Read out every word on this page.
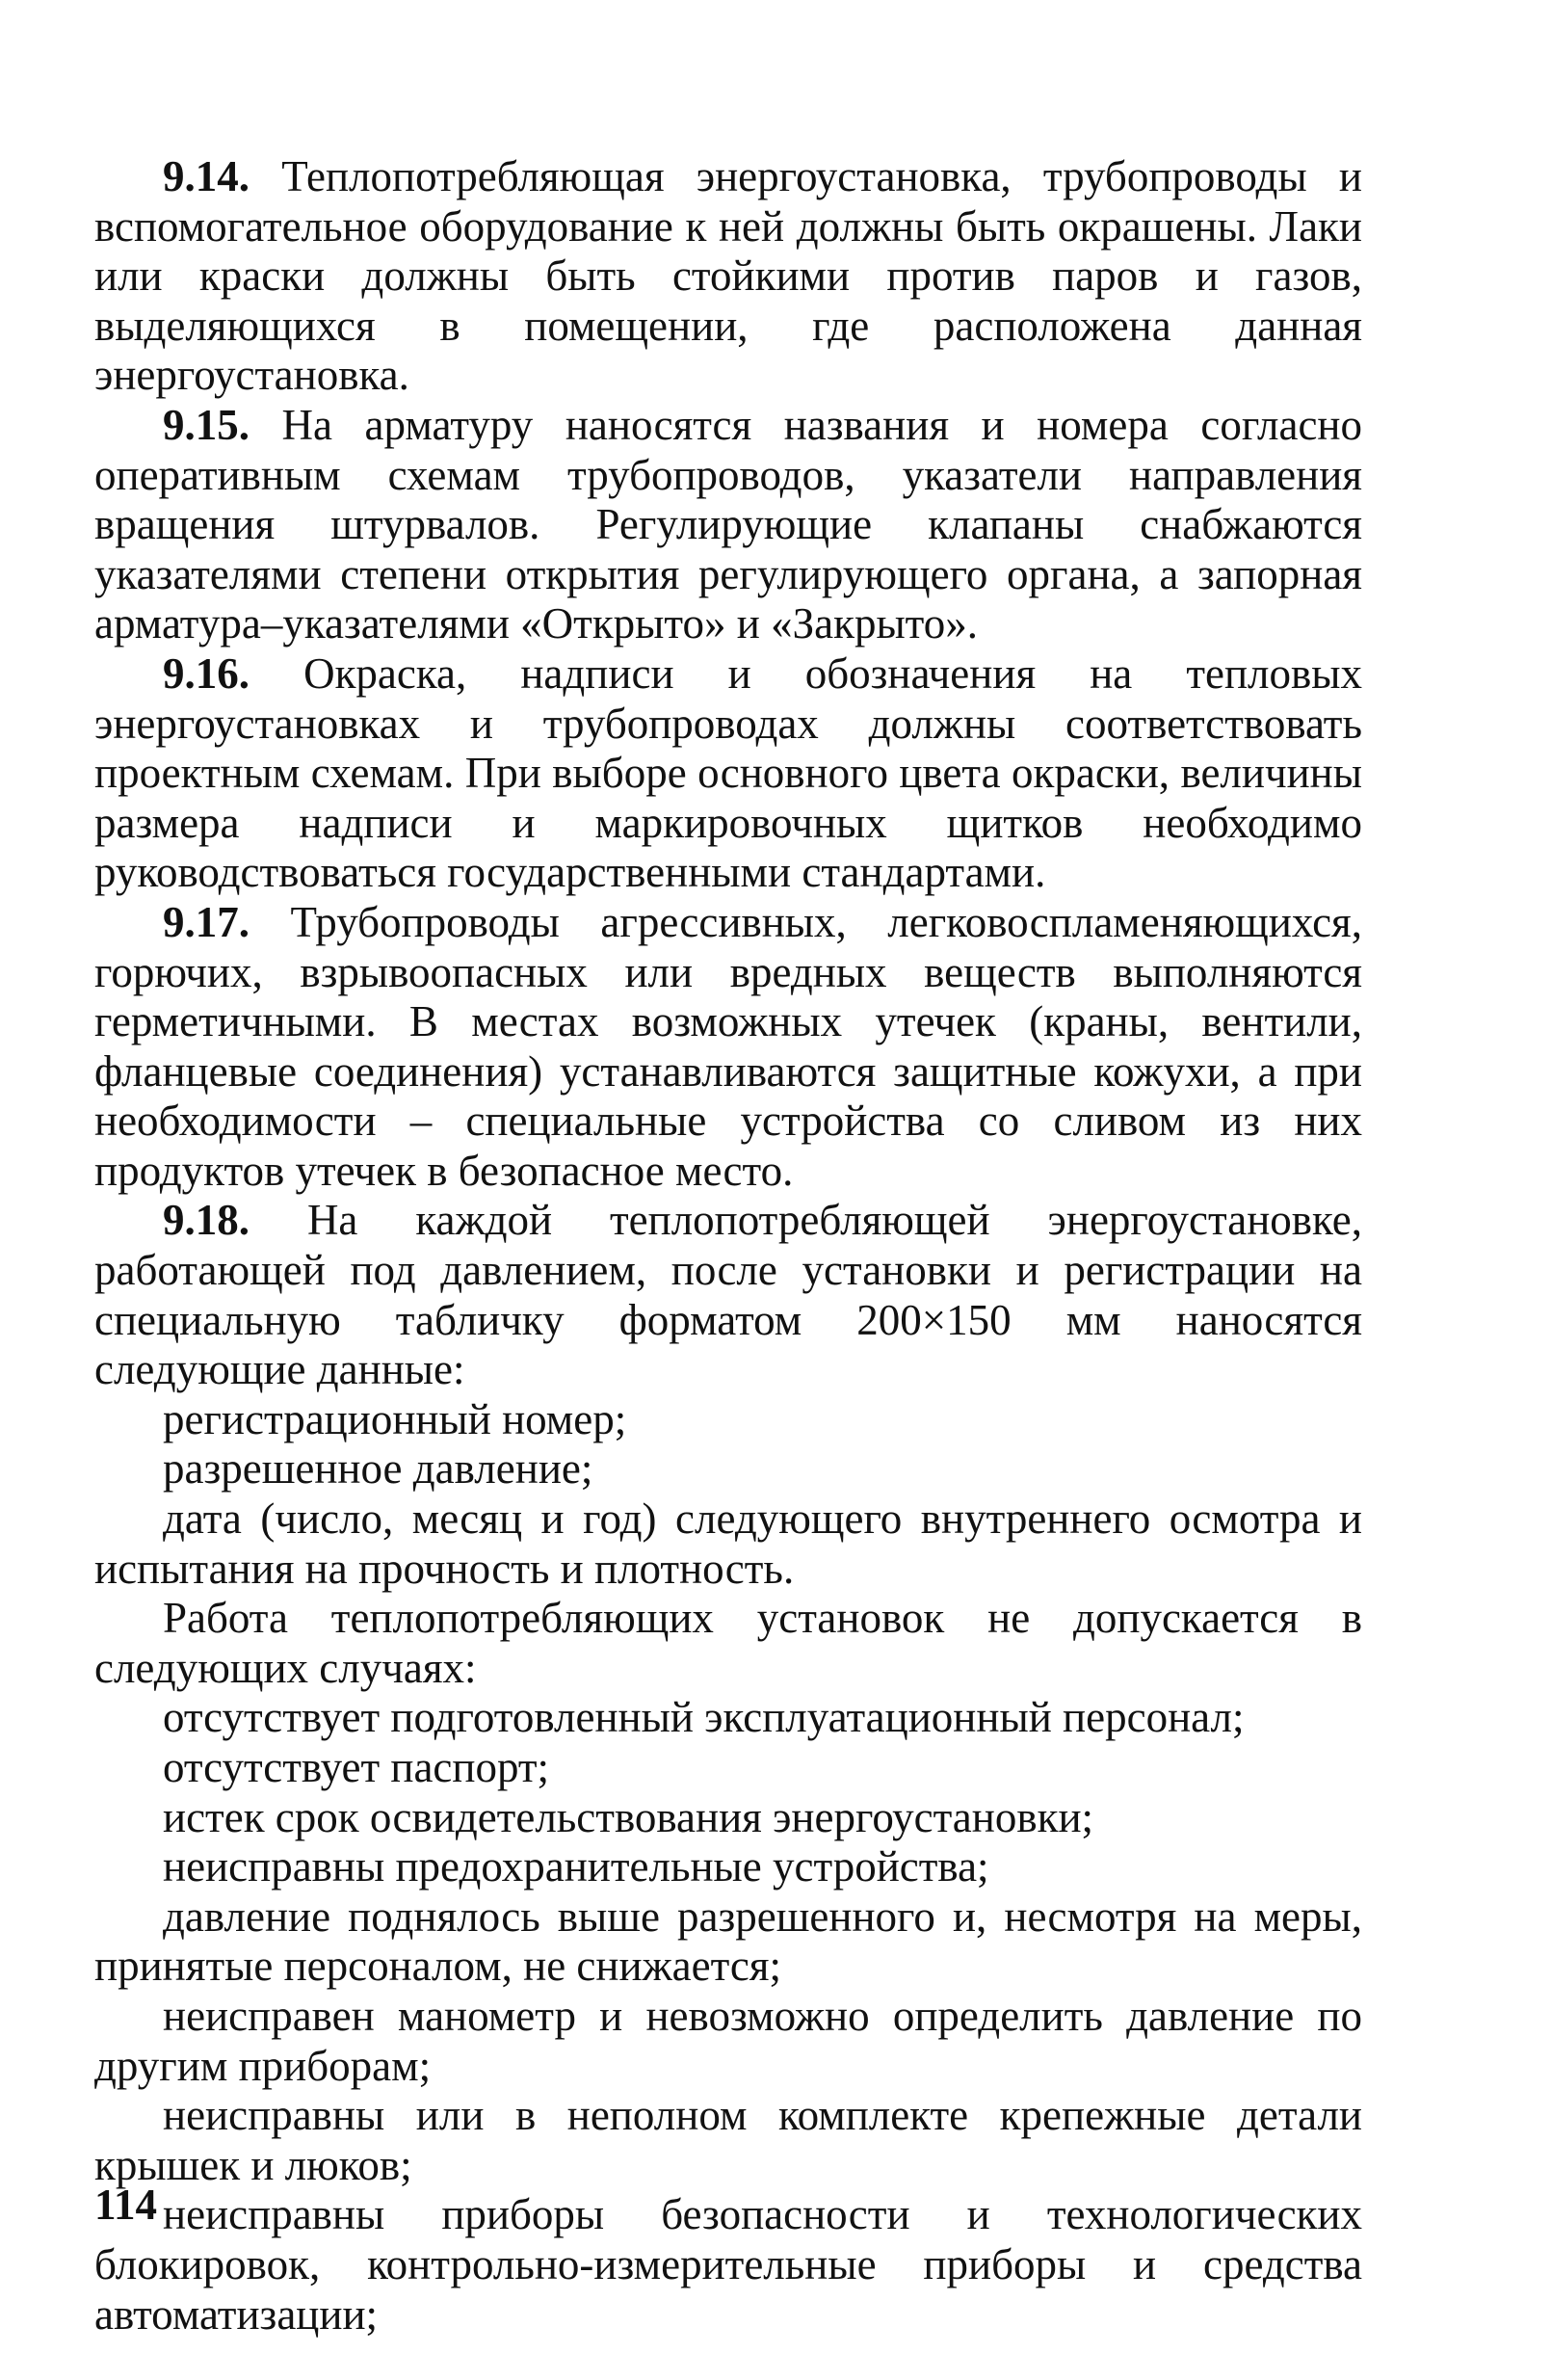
9.14. Теплопотребляющая энергоустановка, трубопроводы и вспомогательное оборудование к ней должны быть окрашены. Лаки или краски должны быть стойкими против паров и газов, выделяющихся в помещении, где расположена данная энергоустановка.

9.15. На арматуру наносятся названия и номера согласно оперативным схемам трубопроводов, указатели направления вращения штурвалов. Регулирующие клапаны снабжаются указателями степени открытия регулирующего органа, а запорная арматура–указателями «Открыто» и «Закрыто».

9.16. Окраска, надписи и обозначения на тепловых энергоустановках и трубопроводах должны соответствовать проектным схемам. При выборе основного цвета окраски, величины размера надписи и маркировочных щитков необходимо руководствоваться государственными стандартами.

9.17. Трубопроводы агрессивных, легковоспламеняющихся, горючих, взрывоопасных или вредных веществ выполняются герметичными. В местах возможных утечек (краны, вентили, фланцевые соединения) устанавливаются защитные кожухи, а при необходимости – специальные устройства со сливом из них продуктов утечек в безопасное место.

9.18. На каждой теплопотребляющей энергоустановке, работающей под давлением, после установки и регистрации на специальную табличку форматом 200×150 мм наносятся следующие данные:

регистрационный номер;

разрешенное давление;

дата (число, месяц и год) следующего внутреннего осмотра и испытания на прочность и плотность.

Работа теплопотребляющих установок не допускается в следующих случаях:

отсутствует подготовленный эксплуатационный персонал;

отсутствует паспорт;

истек срок освидетельствования энергоустановки;

неисправны предохранительные устройства;

давление поднялось выше разрешенного и, несмотря на меры, принятые персоналом, не снижается;

неисправен манометр и невозможно определить давление по другим приборам;

неисправны или в неполном комплекте крепежные детали крышек и люков;

неисправны приборы безопасности и технологических блокировок, контрольно-измерительные приборы и средства автоматизации;

114
